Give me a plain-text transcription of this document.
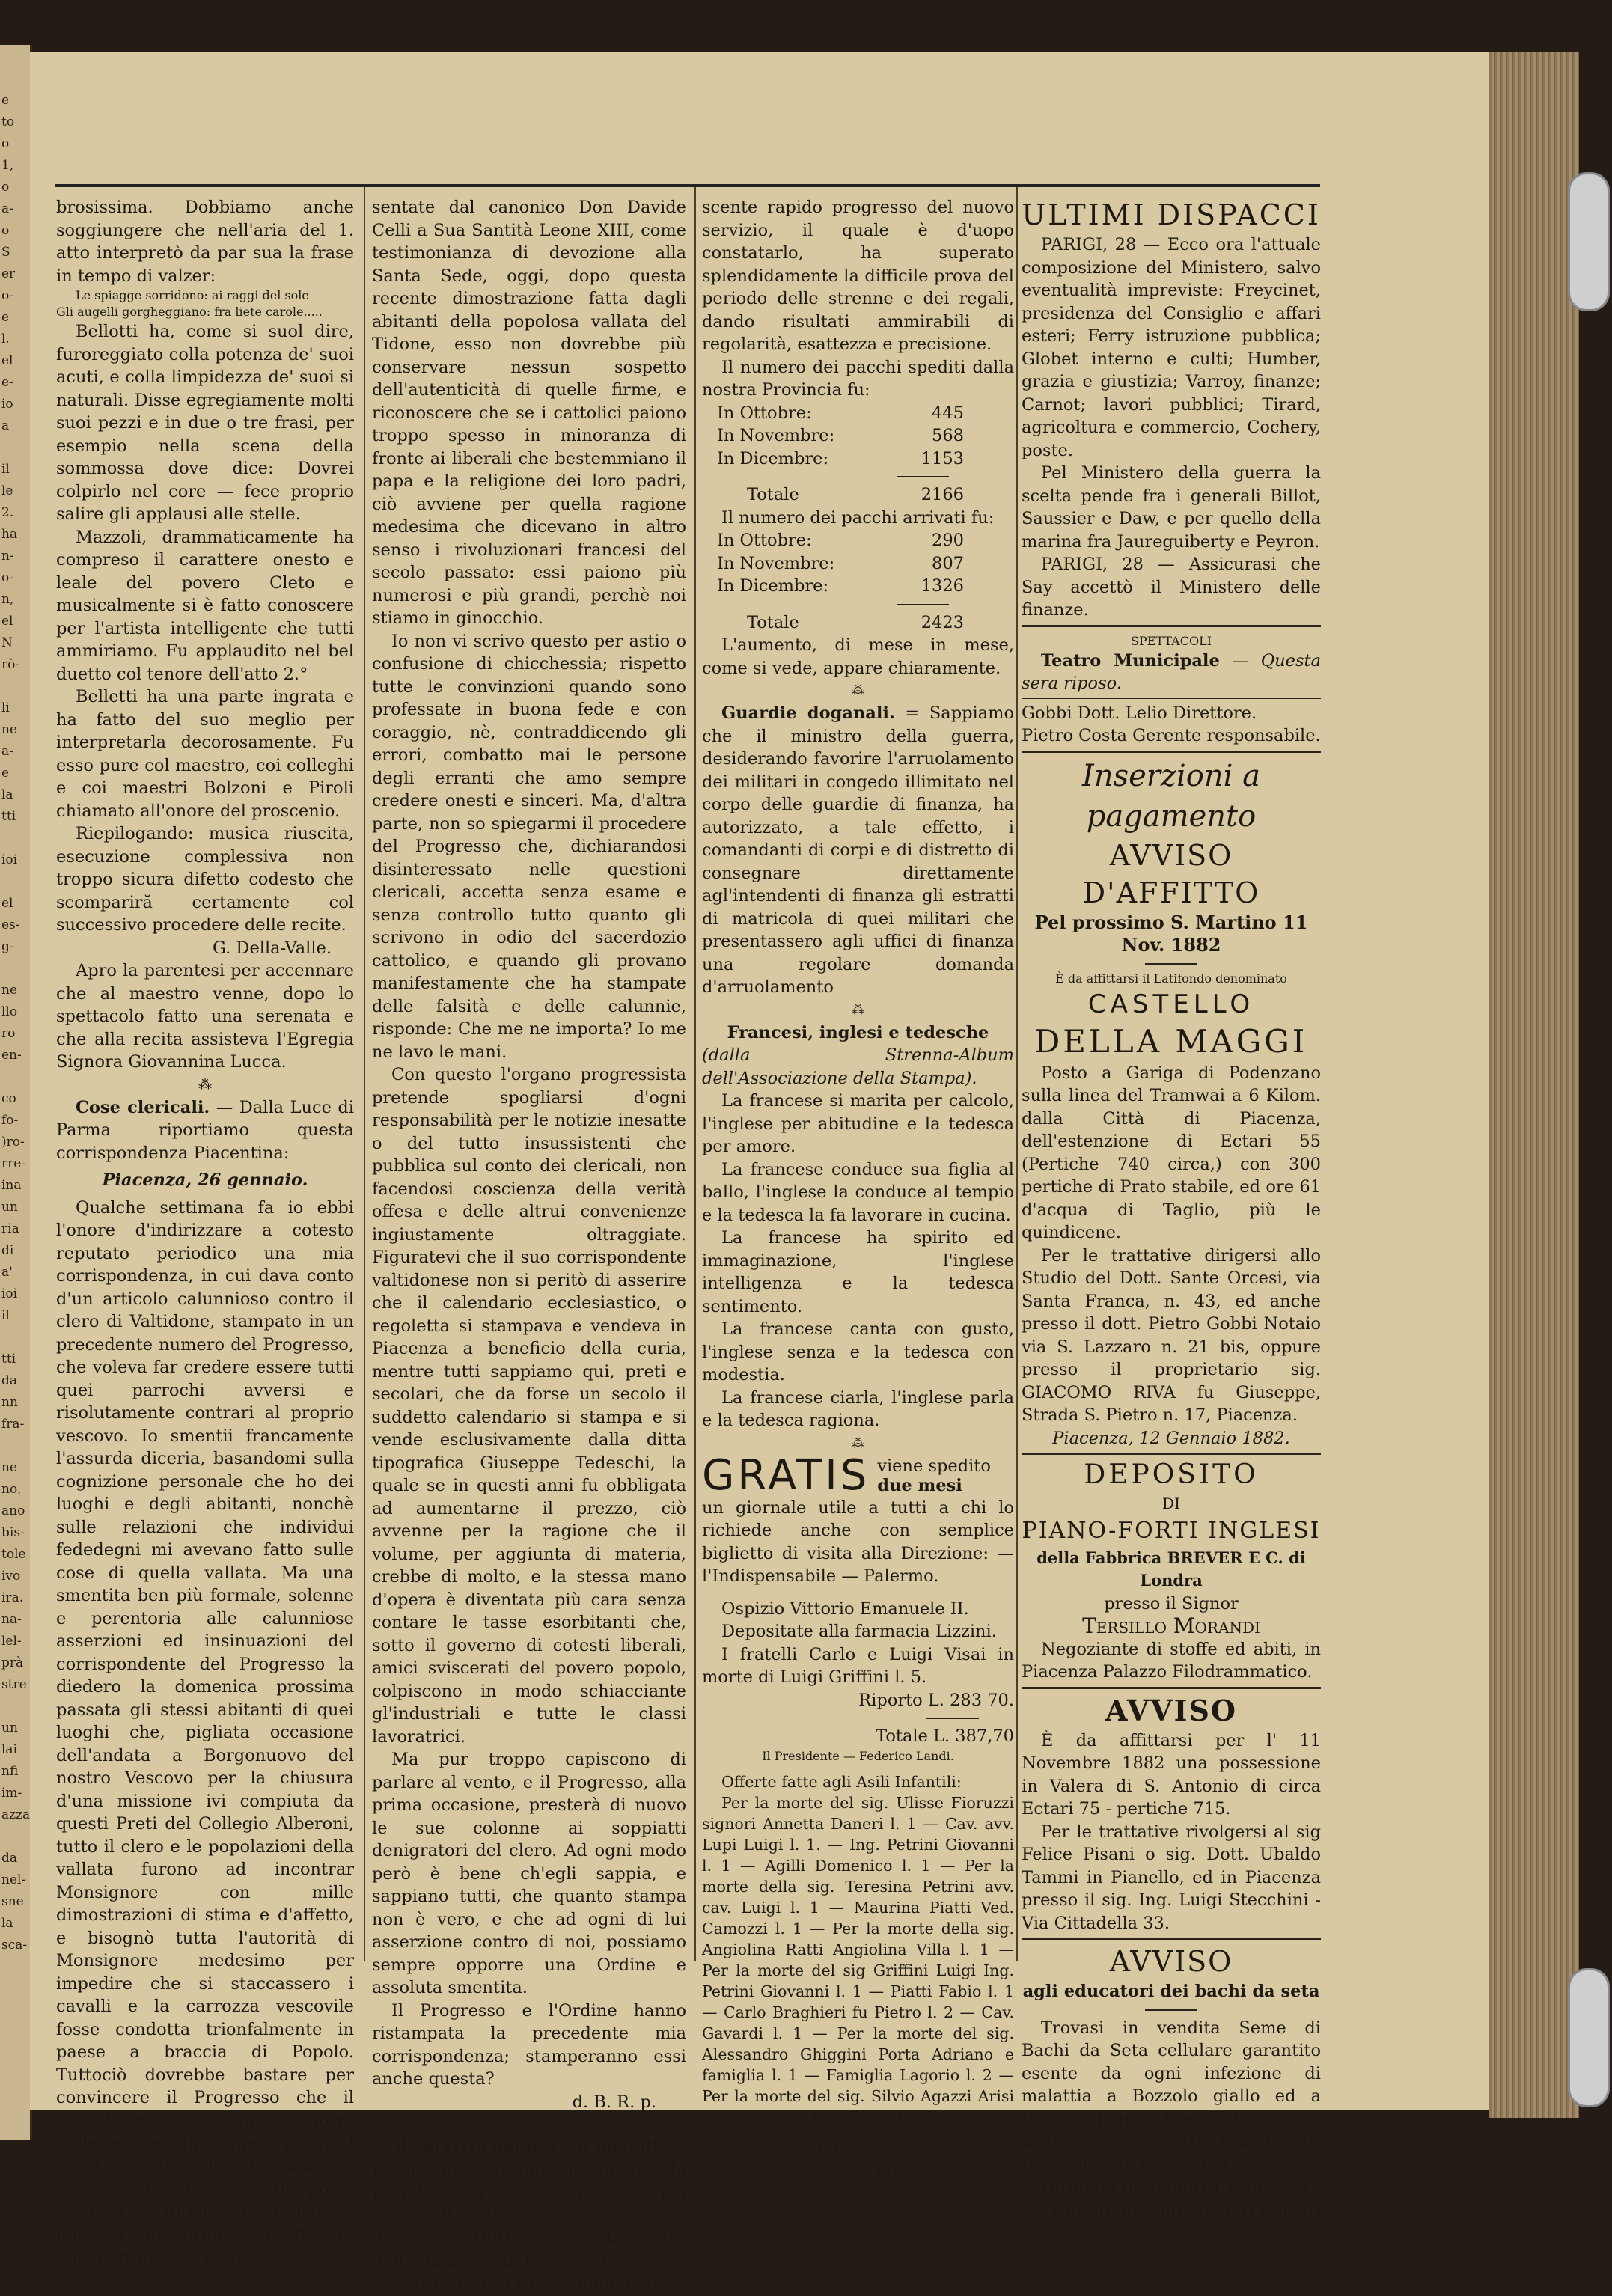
e
to
o
1,
o
a-
o
S
er
o-
e
l.
el
e-
io
a

il
le
2.
ha
n-
o-
n,
el
N
rò-

li
ne
a-
e
la
tti

ioi

el
es-
g-

ne
llo
ro
en-

co
fo-
)ro-
rre-
ina
un
ria
di
a'
ioi
il

tti
da
nn
fra-

ne
no,
ano
bis-
tole
ivo
ira.
na-
lel-
prà
stre

un
lai
nfi
im-
azza

da
nel-
sne
la
sca-

brosissima. Dobbiamo anche soggiungere che nell'aria del 1. atto interpretò da par sua la frase in tempo di valzer:

Le spiagge sorridono: ai raggi del sole

Gli augelli gorgheggiano: fra liete carole.....

Bellotti ha, come si suol dire, furoreggiato colla potenza de' suoi acuti, e colla limpidezza de' suoi si naturali. Disse egregiamente molti suoi pezzi e in due o tre frasi, per esempio nella scena della sommossa dove dice: Dovrei colpirlo nel core — fece proprio salire gli applausi alle stelle.

Mazzoli, drammaticamente ha compreso il carattere onesto e leale del povero Cleto e musicalmente si è fatto conoscere per l'artista intelligente che tutti ammiriamo. Fu applaudito nel bel duetto col tenore dell'atto 2.°

Belletti ha una parte ingrata e ha fatto del suo meglio per interpretarla decorosamente. Fu esso pure col maestro, coi colleghi e coi maestri Bolzoni e Piroli chiamato all'onore del proscenio.

Riepilogando: musica riuscita, esecuzione complessiva non troppo sicura difetto codesto che scompariră certamente col successivo procedere delle recite.

G. Della-Valle.

Apro la parentesi per accennare che al maestro venne, dopo lo spettacolo fatto una serenata e che alla recita assisteva l'Egregia Signora Giovannina Lucca.

⁂

Cose clericali. — Dalla Luce di Parma riportiamo questa corrispondenza Piacentina:

Piacenza, 26 gennaio.

Qualche settimana fa io ebbi l'onore d'indirizzare a cotesto reputato periodico una mia corrispondenza, in cui dava conto d'un articolo calunnioso contro il clero di Valtidone, stampato in un precedente numero del Progresso, che voleva far credere essere tutti quei parrochi avversi e risolutamente contrari al proprio vescovo. Io smentii francamente l'assurda diceria, basandomi sulla cognizione personale che ho dei luoghi e degli abitanti, nonchè sulle relazioni che individui fededegni mi avevano fatto sulle cose di quella vallata. Ma una smentita ben più formale, solenne e perentoria alle calunniose asserzioni ed insinuazioni del corrispondente del Progresso la diedero la domenica prossima passata gli stessi abitanti di quei luoghi che, pigliata occasione dell'andata a Borgonuovo del nostro Vescovo per la chiusura d'una missione ivi compiuta da questi Preti del Collegio Alberoni, tutto il clero e le popolazioni della vallata furono ad incontrar Monsignore con mille dimostrazioni di stima e d'affetto, e bisognò tutta l'autorità di Monsignore medesimo per impedire che si staccassero i cavalli e la carrozza vescovile fosse condotta trionfalmente in paese a braccia di Popolo. Tuttociò dovrebbe bastare per convincere il Progresso che il cattolicismo non è ancora morto nelle nostre campagne e (valga il vero) neanche nelle città, onde se un giorno gli parve di poter mettere in dubbio le migliaia e migliaia di firme raccolte in questa provincia e pre-

sentate dal canonico Don Davide Celli a Sua Santità Leone XIII, come testimonianza di devozione alla Santa Sede, oggi, dopo questa recente dimostrazione fatta dagli abitanti della popolosa vallata del Tidone, esso non dovrebbe più conservare nessun sospetto dell'autenticità di quelle firme, e riconoscere che se i cattolici paiono troppo spesso in minoranza di fronte ai liberali che bestemmiano il papa e la religione dei loro padri, ciò avviene per quella ragione medesima che dicevano in altro senso i rivoluzionari francesi del secolo passato: essi paiono più numerosi e più grandi, perchè noi stiamo in ginocchio.

Io non vi scrivo questo per astio o confusione di chicchessia; rispetto tutte le convinzioni quando sono professate in buona fede e con coraggio, nè, contraddicendo gli errori, combatto mai le persone degli erranti che amo sempre credere onesti e sinceri. Ma, d'altra parte, non so spiegarmi il procedere del Progresso che, dichiarandosi disinteressato nelle questioni clericali, accetta senza esame e senza controllo tutto quanto gli scrivono in odio del sacerdozio cattolico, e quando gli provano manifestamente che ha stampate delle falsità e delle calunnie, risponde: Che me ne importa? Io me ne lavo le mani.

Con questo l'organo progressista pretende spogliarsi d'ogni responsabilità per le notizie inesatte o del tutto insussistenti che pubblica sul conto dei clericali, non facendosi coscienza della verità offesa e delle altrui convenienze ingiustamente oltraggiate. Figuratevi che il suo corrispondente valtidonese non si peritò di asserire che il calendario ecclesiastico, o regoletta si stampava e vendeva in Piacenza a beneficio della curia, mentre tutti sappiamo qui, preti e secolari, che da forse un secolo il suddetto calendario si stampa e si vende esclusivamente dalla ditta tipografica Giuseppe Tedeschi, la quale se in questi anni fu obbligata ad aumentarne il prezzo, ciò avvenne per la ragione che il volume, per aggiunta di materia, crebbe di molto, e la stessa mano d'opera è diventata più cara senza contare le tasse esorbitanti che, sotto il governo di cotesti liberali, amici sviscerati del povero popolo, colpiscono in modo schiacciante gl'industriali e tutte le classi lavoratrici.

Ma pur troppo capiscono di parlare al vento, e il Progresso, alla prima occasione, presterà di nuovo le sue colonne ai soppiatti denigratori del clero. Ad ogni modo però è bene ch'egli sappia, e sappiano tutti, che quanto stampa non è vero, e che ad ogni di lui asserzione contro di noi, possiamo sempre opporre una Ordine e assoluta smentita.

Il Progresso e l'Ordine hanno ristampata la precedente mia corrispondenza; stamperanno essi anche questa?

d. B. R. p.

⁂

Il servizio dei pacchi postali.

Pubblichiamo la statistica dei pacchi postali nella nostra Provincia pei mesi di ottobre, novembre e dicembre 1881 (primo trimestre dell'attuazione del servizio).

I nostri lettori rileveranno il cre-

scente rapido progresso del nuovo servizio, il quale è d'uopo constatarlo, ha superato splendidamente la difficile prova del periodo delle strenne e dei regali, dando risultati ammirabili di regolarità, esattezza e precisione.

Il numero dei pacchi spediti dalla nostra Provincia fu:

In Ottobre:	445
In Novembre:	568
In Dicembre:	1153
Totale	2166

Il numero dei pacchi arrivati fu:

In Ottobre:	290
In Novembre:	807
In Dicembre:	1326
Totale	2423

L'aumento, di mese in mese, come si vede, appare chiaramente.

⁂

Guardie doganali. = Sappiamo che il ministro della guerra, desiderando favorire l'arruolamento dei militari in congedo illimitato nel corpo delle guardie di finanza, ha autorizzato, a tale effetto, i comandanti di corpi e di distretto di consegnare direttamente agl'intendenti di finanza gli estratti di matricola di quei militari che presentassero agli uffici di finanza una regolare domanda d'arruolamento

⁂

Francesi, inglesi e tedesche

(dalla Strenna-Album dell'Associazione della Stampa).

La francese si marita per calcolo, l'inglese per abitudine e la tedesca per amore.

La francese conduce sua figlia al ballo, l'inglese la conduce al tempio e la tedesca la fa lavorare in cucina.

La francese ha spirito ed immaginazione, l'inglese intelligenza e la tedesca sentimento.

La francese canta con gusto, l'inglese senza e la tedesca con modestia.

La francese ciarla, l'inglese parla e la tedesca ragiona.

⁂
GRATIS viene spedito
due mesi

un giornale utile a tutti a chi lo richiede anche con semplice biglietto di visita alla Direzione: — l'Indispensabile — Palermo.

Ospizio Vittorio Emanuele II.

Depositate alla farmacia Lizzini.

I fratelli Carlo e Luigi Visai in morte di Luigi Griffini l. 5.

Riporto L. 283 70.

Totale L. 387,70

Il Presidente — Federico Landi.

Offerte fatte agli Asili Infantili:

Per la morte del sig. Ulisse Fioruzzi signori Annetta Daneri l. 1 — Cav. avv. Lupi Luigi l. 1. — Ing. Petrini Giovanni l. 1 — Agilli Domenico l. 1 — Per la morte della sig. Teresina Petrini avv. cav. Luigi l. 1 — Maurina Piatti Ved. Camozzi l. 1 — Per la morte della sig. Angiolina Ratti Angiolina Villa l. 1 — Per la morte del sig Griffini Luigi Ing. Petrini Giovanni l. 1 — Piatti Fabio l. 1 — Carlo Braghieri fu Pietro l. 2 — Cav. Gavardi l. 1 — Per la morte del sig. Alessandro Ghiggini Porta Adriano e famiglia l. 1 — Famiglia Lagorio l. 2 — Per la morte del sig. Silvio Agazzi Arisi capomastro e famiglia l. 1.

Il Cassiere

Francesco Pizzati.

ULTIMI DISPACCI

PARIGI, 28 — Ecco ora l'attuale composizione del Ministero, salvo eventualità impreviste: Freycinet, presidenza del Consiglio e affari esteri; Ferry istruzione pubblica; Globet interno e culti; Humber, grazia e giustizia; Varroy, finanze; Carnot; lavori pubblici; Tirard, agricoltura e commercio, Cochery, poste.

Pel Ministero della guerra la scelta pende fra i generali Billot, Saussier e Daw, e per quello della marina fra Jaureguiberty e Peyron.

PARIGI, 28 — Assicurasi che Say accettò il Ministero delle finanze.

SPETTACOLI

Teatro Municipale — Questa sera riposo.

Gobbi Dott. Lelio Direttore.

Pietro Costa Gerente responsabile.

Inserzioni a pagamento
AVVISO D'AFFITTO

Pel prossimo S. Martino 11 Nov. 1882

È da affittarsi il Latifondo denominato

CASTELLO
DELLA MAGGI

Posto a Gariga di Podenzano sulla linea del Tramwai a 6 Kilom. dalla Città di Piacenza, dell'estenzione di Ectari 55 (Pertiche 740 circa,) con 300 pertiche di Prato stabile, ed ore 61 d'acqua di Taglio, più le quindicene.

Per le trattative dirigersi allo Studio del Dott. Sante Orcesi, via Santa Franca, n. 43, ed anche presso il dott. Pietro Gobbi Notaio via S. Lazzaro n. 21 bis, oppure presso il proprietario sig. GIACOMO RIVA fu Giuseppe, Strada S. Pietro n. 17, Piacenza.

Piacenza, 12 Gennaio 1882.

DEPOSITO
DI
PIANO-FORTI INGLESI

della Fabbrica BREVER E C. di Londra

presso il Signor

Tersillo Morandi

Negoziante di stoffe ed abiti, in Piacenza Palazzo Filodrammatico.

AVVISO

È da affittarsi per l' 11 Novembre 1882 una possessione in Valera di S. Antonio di circa Ectari 75 - pertiche 715.

Per le trattative rivolgersi al sig Felice Pisani o sig. Dott. Ubaldo Tammi in Pianello, ed in Piacenza presso il sig. Ing. Luigi Stecchini - Via Cittadella 33.

AVVISO

agli educatori dei bachi da seta

Trovasi in vendita Seme di Bachi da Seta cellulare garantito esente da ogni infezione di malattia a Bozzolo giallo ed a Bozzolo bianco (garantito a Zero di infezione ogni 100 grani) a 15 Franchi ogni 30 grammi.

Dirigersi ai Signori I Henry e C. Sericoltori a Montepllier. (Francia)
